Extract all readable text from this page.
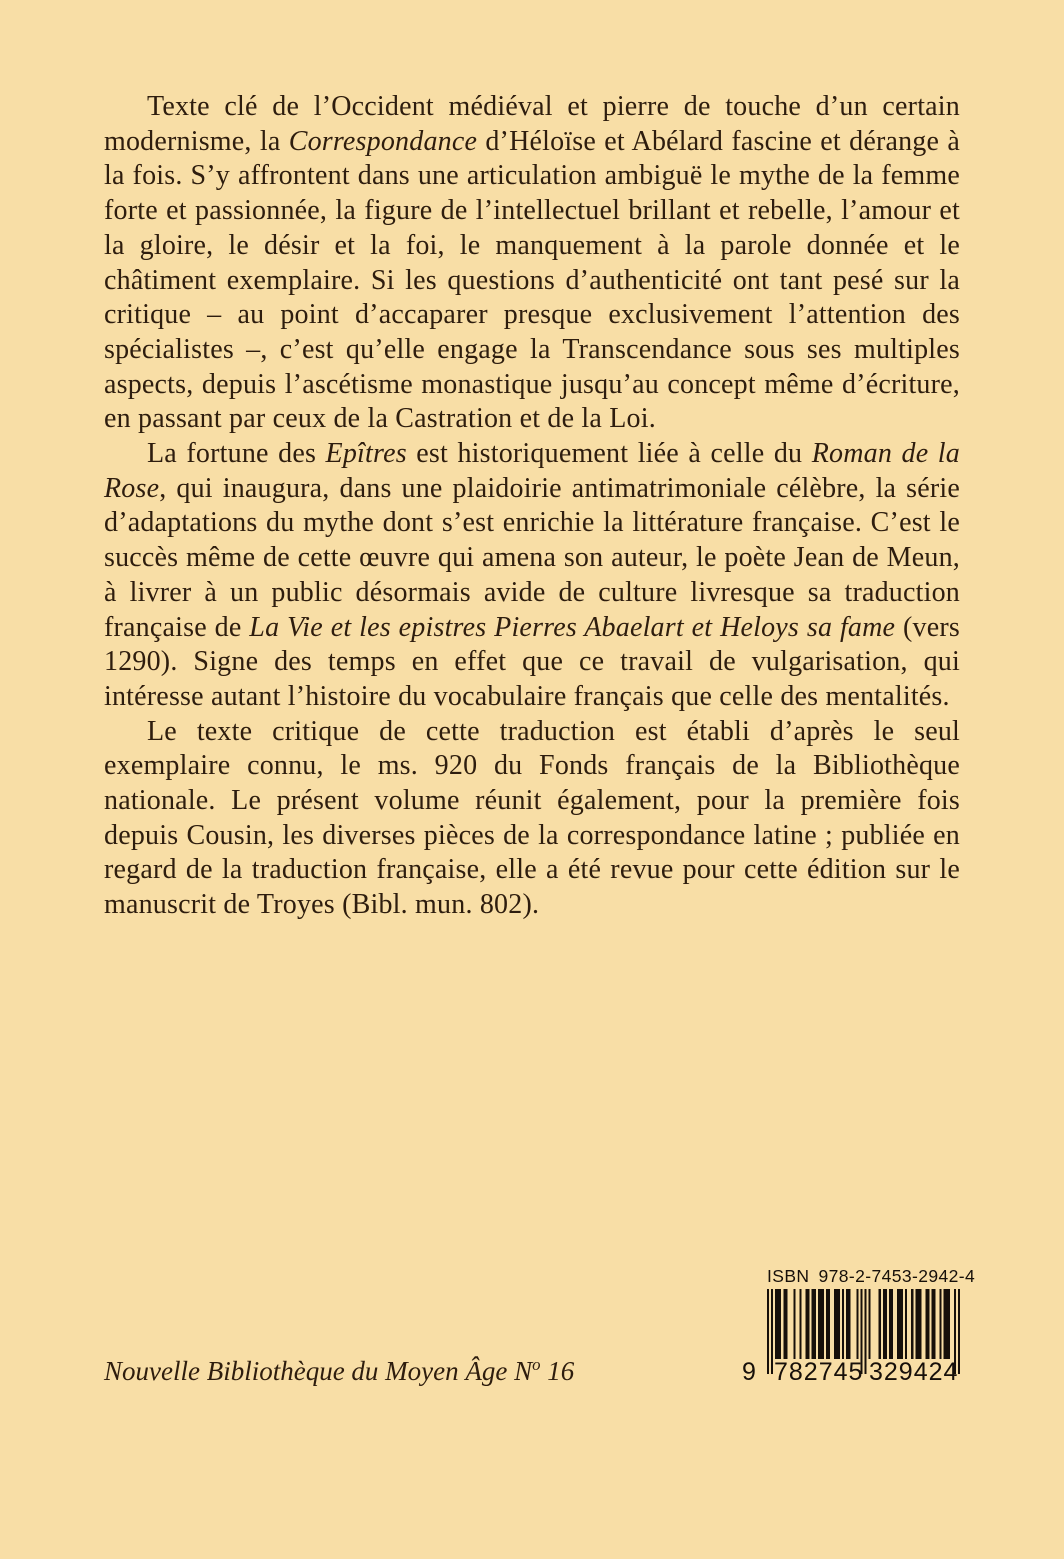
Texte clé de l’Occident médiéval et pierre de touche d’un certain modernisme, la Correspondance d’Héloïse et Abélard fascine et dérange à la fois. S’y affrontent dans une articulation ambiguë le mythe de la femme forte et passionnée, la figure de l’intellectuel brillant et rebelle, l’amour et la gloire, le désir et la foi, le manquement à la parole donnée et le châtiment exemplaire. Si les questions d’authenticité ont tant pesé sur la critique – au point d’accaparer presque exclusivement l’attention des spécialistes –, c’est qu’elle engage la Transcendance sous ses multiples aspects, depuis l’ascétisme monastique jusqu’au concept même d’écriture, en passant par ceux de la Castration et de la Loi.

La fortune des Epîtres est historiquement liée à celle du Roman de la Rose, qui inaugura, dans une plaidoirie antimatrimoniale célèbre, la série d’adaptations du mythe dont s’est enrichie la littérature française. C’est le succès même de cette œuvre qui amena son auteur, le poète Jean de Meun, à livrer à un public désormais avide de culture livresque sa traduction française de La Vie et les epistres Pierres Abaelart et Heloys sa fame (vers 1290). Signe des temps en effet que ce travail de vulgarisation, qui intéresse autant l’histoire du vocabulaire français que celle des mentalités.

Le texte critique de cette traduction est établi d’après le seul exemplaire connu, le ms. 920 du Fonds français de la Bibliothèque nationale. Le présent volume réunit également, pour la première fois depuis Cousin, les diverses pièces de la correspondance latine ; publiée en regard de la traduction française, elle a été revue pour cette édition sur le manuscrit de Troyes (Bibl. mun. 802).

Nouvelle Bibliothèque du Moyen Âge $N^o$ 16
ISBN 978-2-7453-2942-4
9 782745 329424
